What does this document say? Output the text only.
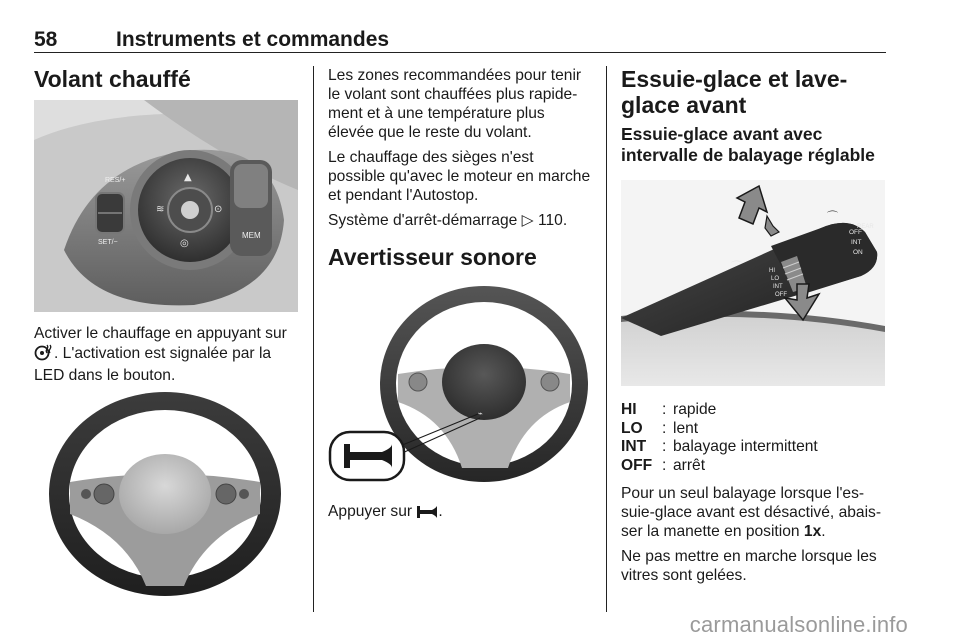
58	Instruments et commandes
Volant chauffé
RES/+
SET/−
MEM
≋	⊙
▲
◎
Activer le chauffage en appuyant sur
. L'activation est signalée par la
LED dans le bouton.

Les zones recommandées pour tenir le volant sont chauffées plus rapide-ment et à une température plus élevée que le reste du volant.

Le chauffage des sièges n'est possible qu'avec le moteur en marche et pendant l'Autostop.

Système d'arrêt-démarrage ▷ 110.

Avertisseur sonore
⌁
Appuyer sur .
Essuie-glace et lave-glace avant
Essuie-glace avant avec intervalle de balayage réglable
OFF
INT
ON
REAR
HI
LO
INT
OFF
⌒
⌒
HI : rapide
LO : lent
INT : balayage intermittent
OFF : arrêt

Pour un seul balayage lorsque l'es-suie-glace avant est désactivé, abais-ser la manette en position 1x.

Ne pas mettre en marche lorsque les vitres sont gelées.

carmanualsonline.info
